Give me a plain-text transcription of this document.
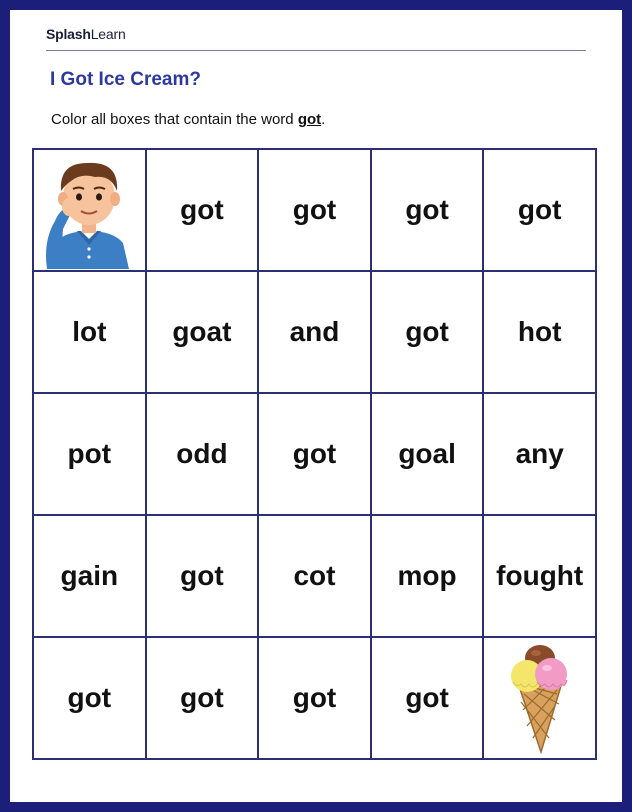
SplashLearn
I Got Ice Cream?
Color all boxes that contain the word got.
got	got	got	got
lot	goat	and	got	hot
pot	odd	got	goal	any
gain	got	cot	mop	fought
got	got	got	got
